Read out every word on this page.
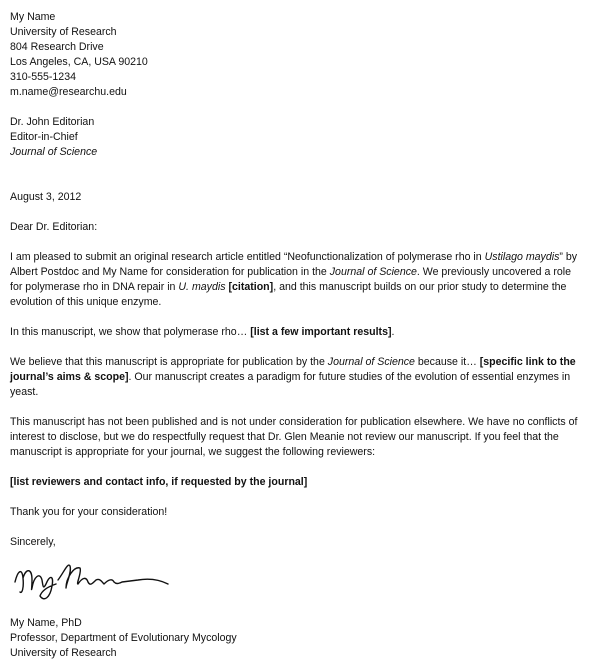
My Name
University of Research
804 Research Drive
Los Angeles, CA, USA 90210
310-555-1234
m.name@researchu.edu
Dr. John Editorian
Editor-in-Chief
Journal of Science
August 3, 2012
Dear Dr. Editorian:
I am pleased to submit an original research article entitled “Neofunctionalization of polymerase rho in Ustilago maydis” by Albert Postdoc and My Name for consideration for publication in the Journal of Science. We previously uncovered a role for polymerase rho in DNA repair in U. maydis [citation], and this manuscript builds on our prior study to determine the evolution of this unique enzyme.
In this manuscript, we show that polymerase rho… [list a few important results].
We believe that this manuscript is appropriate for publication by the Journal of Science because it… [specific link to the journal’s aims & scope]. Our manuscript creates a paradigm for future studies of the evolution of essential enzymes in yeast.
This manuscript has not been published and is not under consideration for publication elsewhere. We have no conflicts of interest to disclose, but we do respectfully request that Dr. Glen Meanie not review our manuscript. If you feel that the manuscript is appropriate for your journal, we suggest the following reviewers:
[list reviewers and contact info, if requested by the journal]
Thank you for your consideration!
Sincerely,
My Name, PhD
Professor, Department of Evolutionary Mycology
University of Research
